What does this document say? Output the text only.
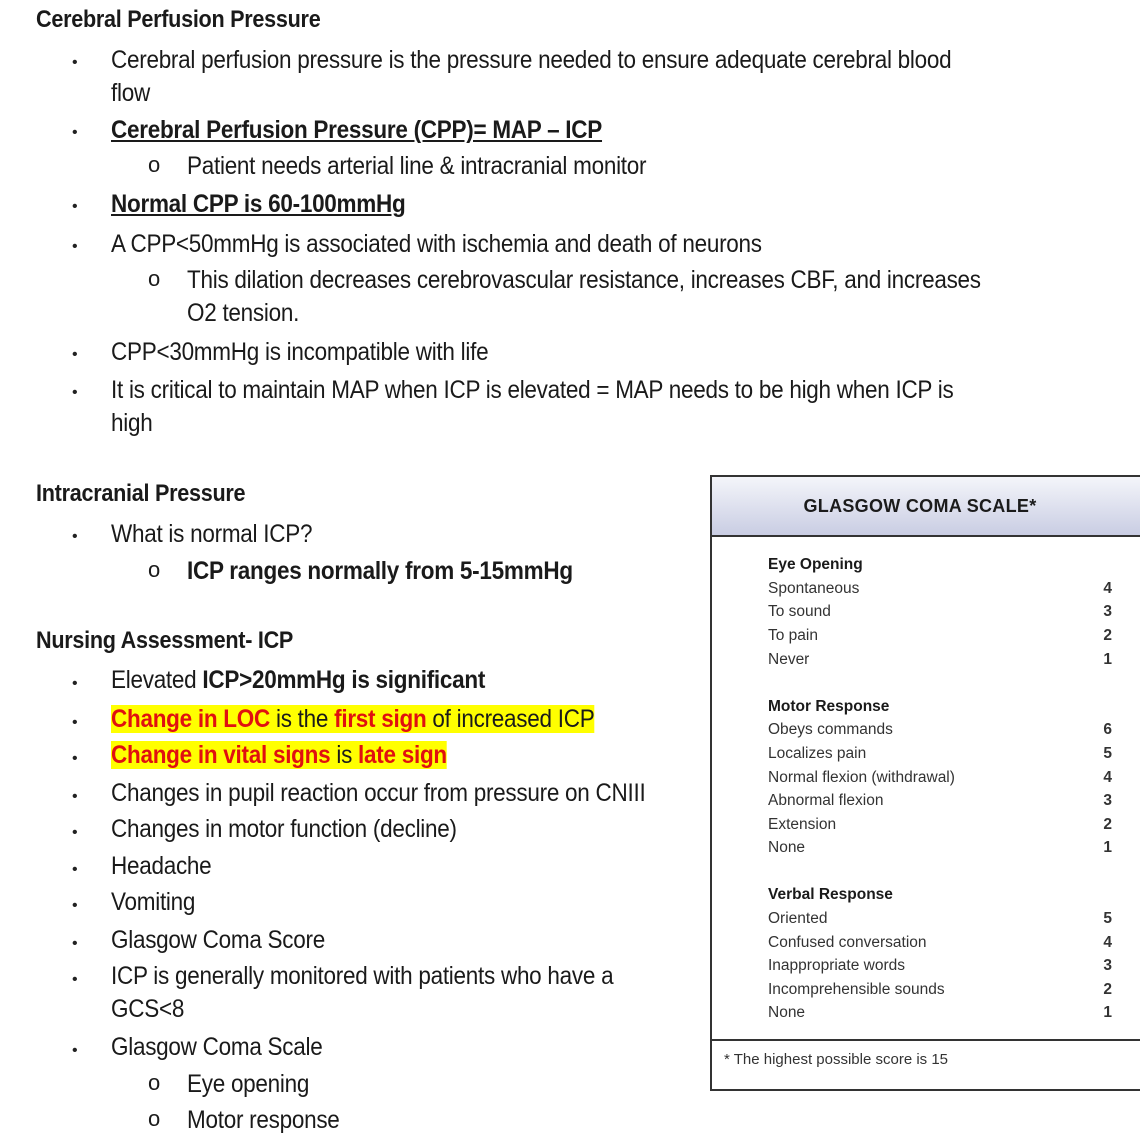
Cerebral Perfusion Pressure
• Cerebral perfusion pressure is the pressure needed to ensure adequate cerebral blood
flow
• Cerebral Perfusion Pressure (CPP)= MAP – ICP
o Patient needs arterial line & intracranial monitor
• Normal CPP is 60-100mmHg
• A CPP<50mmHg is associated with ischemia and death of neurons
o This dilation decreases cerebrovascular resistance, increases CBF, and increases
O2 tension.
• CPP<30mmHg is incompatible with life
• It is critical to maintain MAP when ICP is elevated = MAP needs to be high when ICP is
high
Intracranial Pressure
• What is normal ICP?
o ICP ranges normally from 5-15mmHg
Nursing Assessment- ICP
• Elevated ICP>20mmHg is significant
• Change in LOC is the first sign of increased ICP
• Change in vital signs is late sign
• Changes in pupil reaction occur from pressure on CNIII
• Changes in motor function (decline)
• Headache
• Vomiting
• Glasgow Coma Score
• ICP is generally monitored with patients who have a
GCS<8
• Glasgow Coma Scale
o Eye opening
o Motor response
GLASGOW COMA SCALE*
Eye Opening
Spontaneous	4
To sound	3
To pain	2
Never	1
Motor Response
Obeys commands	6
Localizes pain	5
Normal flexion (withdrawal)	4
Abnormal flexion	3
Extension	2
None	1
Verbal Response
Oriented	5
Confused conversation	4
Inappropriate words	3
Incomprehensible sounds	2
None	1
* The highest possible score is 15
